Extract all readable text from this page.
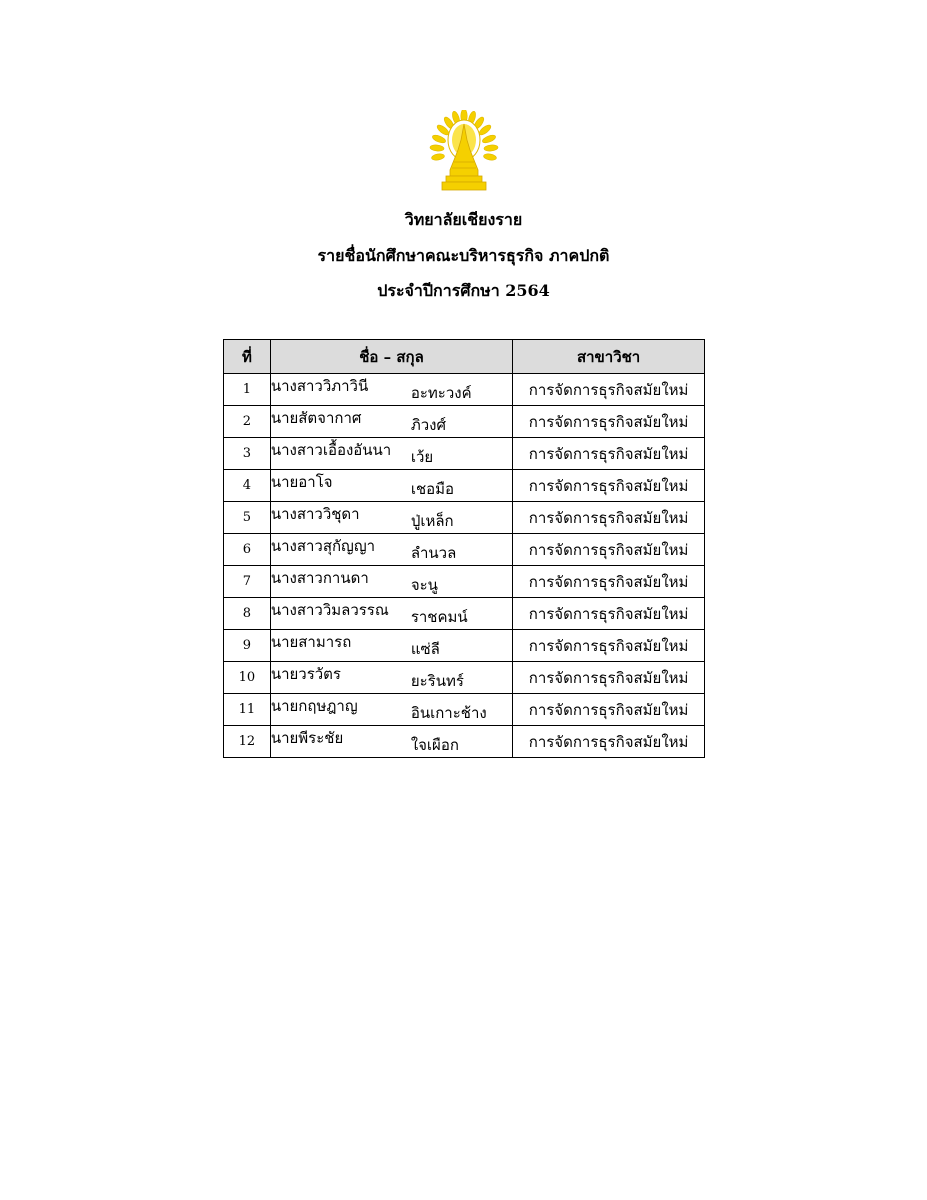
วิทยาลัยเชียงราย
รายชื่อนักศึกษาคณะบริหารธุรกิจ ภาคปกติ
ประจำปีการศึกษา 2564
ที่	ชื่อ – สกุล	สาขาวิชา
1	นางสาววิภาวินี อะทะวงค์	การจัดการธุรกิจสมัยใหม่
2	นายสัตจากาศ ภิวงศ์	การจัดการธุรกิจสมัยใหม่
3	นางสาวเอื้องอันนา เว้ย	การจัดการธุรกิจสมัยใหม่
4	นายอาโจ เชอมือ	การจัดการธุรกิจสมัยใหม่
5	นางสาววิชุดา ปู่เหล็ก	การจัดการธุรกิจสมัยใหม่
6	นางสาวสุกัญญา ลำนวล	การจัดการธุรกิจสมัยใหม่
7	นางสาวกานดา จะนู	การจัดการธุรกิจสมัยใหม่
8	นางสาววิมลวรรณ ราชคมน์	การจัดการธุรกิจสมัยใหม่
9	นายสามารถ แซ่ลี	การจัดการธุรกิจสมัยใหม่
10	นายวรวัตร ยะรินทร์	การจัดการธุรกิจสมัยใหม่
11	นายกฤษฎาญ อินเกาะช้าง	การจัดการธุรกิจสมัยใหม่
12	นายพีระชัย ใจเผือก	การจัดการธุรกิจสมัยใหม่
